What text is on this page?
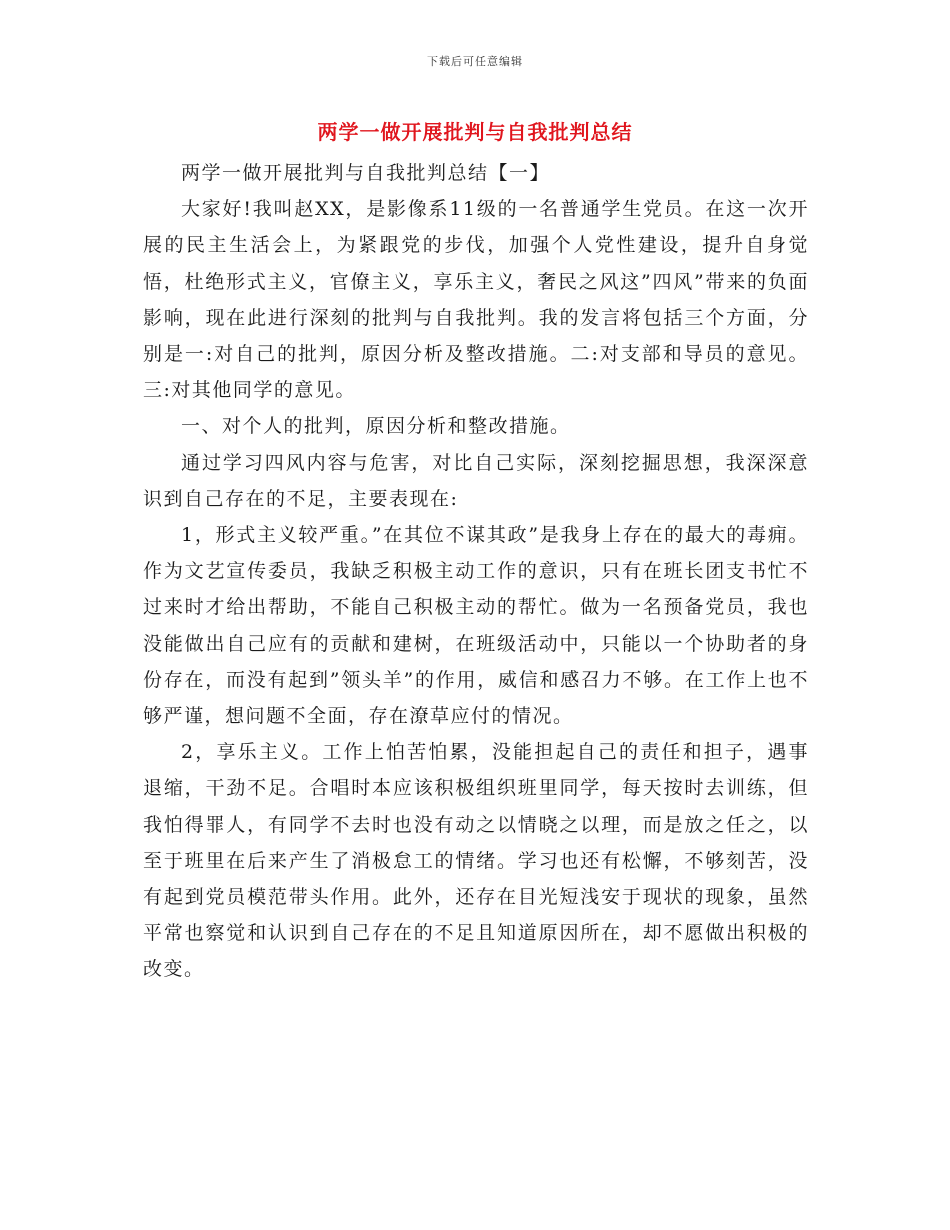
下载后可任意编辑
两学一做开展批判与自我批判总结

两学一做开展批判与自我批判总结【一】

大家好!我叫赵XX，是影像系11级的一名普通学生党员。在这一次开展的民主生活会上，为紧跟党的步伐，加强个人党性建设，提升自身觉悟，杜绝形式主义，官僚主义，享乐主义，奢民之风这”四风”带来的负面影响，现在此进行深刻的批判与自我批判。我的发言将包括三个方面，分别是一:对自己的批判，原因分析及整改措施。二:对支部和导员的意见。三:对其他同学的意见。

一、对个人的批判，原因分析和整改措施。

通过学习四风内容与危害，对比自己实际，深刻挖掘思想，我深深意识到自己存在的不足，主要表现在:

1，形式主义较严重。”在其位不谋其政”是我身上存在的最大的毒痈。作为文艺宣传委员，我缺乏积极主动工作的意识，只有在班长团支书忙不过来时才给出帮助，不能自己积极主动的帮忙。做为一名预备党员，我也没能做出自己应有的贡献和建树，在班级活动中，只能以一个协助者的身份存在，而没有起到”领头羊”的作用，威信和感召力不够。在工作上也不够严谨，想问题不全面，存在潦草应付的情况。

2，享乐主义。工作上怕苦怕累，没能担起自己的责任和担子，遇事退缩，干劲不足。合唱时本应该积极组织班里同学，每天按时去训练，但我怕得罪人，有同学不去时也没有动之以情晓之以理，而是放之任之，以至于班里在后来产生了消极怠工的情绪。学习也还有松懈，不够刻苦，没有起到党员模范带头作用。此外，还存在目光短浅安于现状的现象，虽然平常也察觉和认识到自己存在的不足且知道原因所在，却不愿做出积极的改变。
